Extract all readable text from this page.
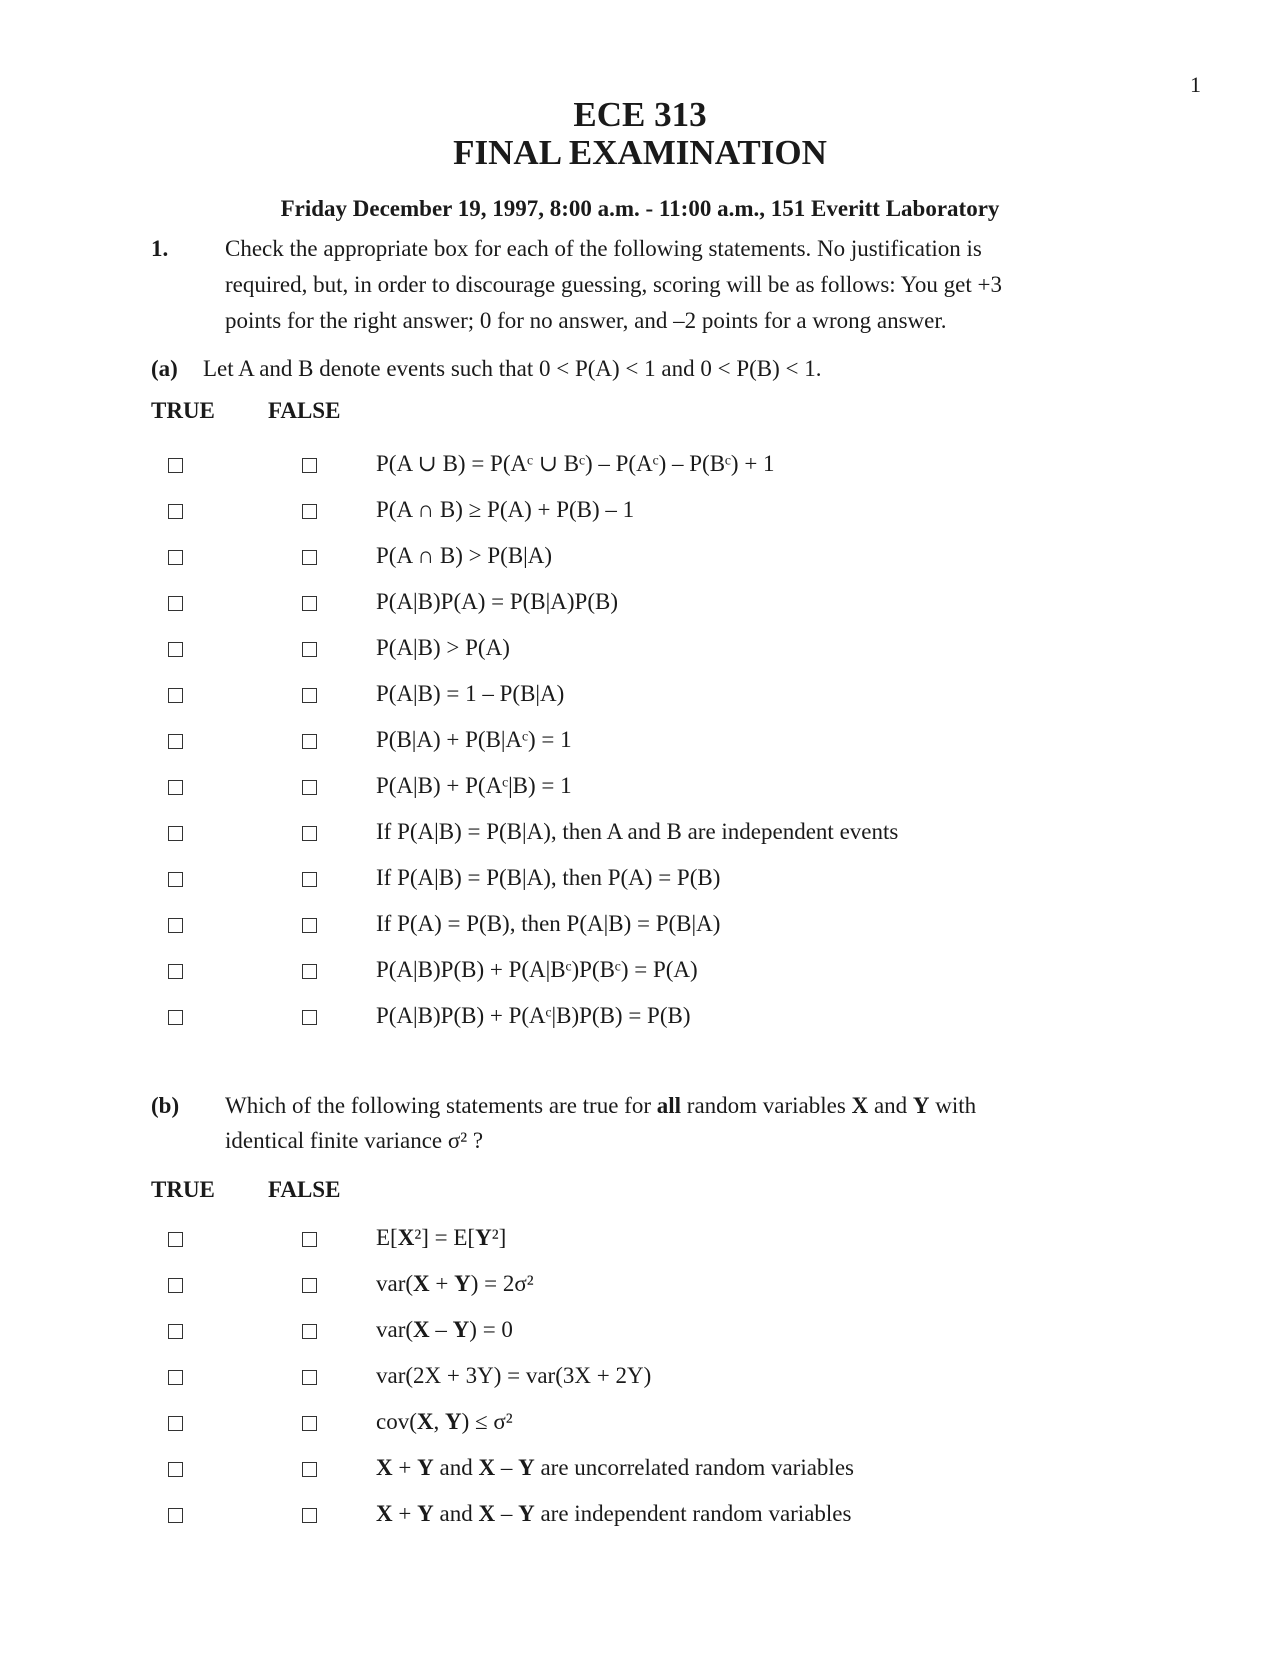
1
ECE 313
FINAL EXAMINATION
Friday December 19, 1997, 8:00 a.m. - 11:00 a.m., 151 Everitt Laboratory
1. Check the appropriate box for each of the following statements. No justification is
required, but, in order to discourage guessing, scoring will be as follows: You get +3
points for the right answer; 0 for no answer, and –2 points for a wrong answer.
(a) Let A and B denote events such that 0 < P(A) < 1 and 0 < P(B) < 1.
TRUE FALSE
P(A ∪ B) = P(Aᶜ ∪ Bᶜ) – P(Aᶜ) – P(Bᶜ) + 1
P(A ∩ B) ≥ P(A) + P(B) – 1
P(A ∩ B) > P(B|A)
P(A|B)P(A) = P(B|A)P(B)
P(A|B) > P(A)
P(A|B) = 1 – P(B|A)
P(B|A) + P(B|Aᶜ) = 1
P(A|B) + P(Aᶜ|B) = 1
If P(A|B) = P(B|A), then A and B are independent events
If P(A|B) = P(B|A), then P(A) = P(B)
If P(A) = P(B), then P(A|B) = P(B|A)
P(A|B)P(B) + P(A|Bᶜ)P(Bᶜ) = P(A)
P(A|B)P(B) + P(Aᶜ|B)P(B) = P(B)
(b) Which of the following statements are true for all random variables X and Y with
identical finite variance σ² ?
TRUE FALSE
E[X²] = E[Y²]
var(X + Y) = 2σ²
var(X – Y) = 0
var(2X + 3Y) = var(3X + 2Y)
cov(X, Y) ≤ σ²
X + Y and X – Y are uncorrelated random variables
X + Y and X – Y are independent random variables
